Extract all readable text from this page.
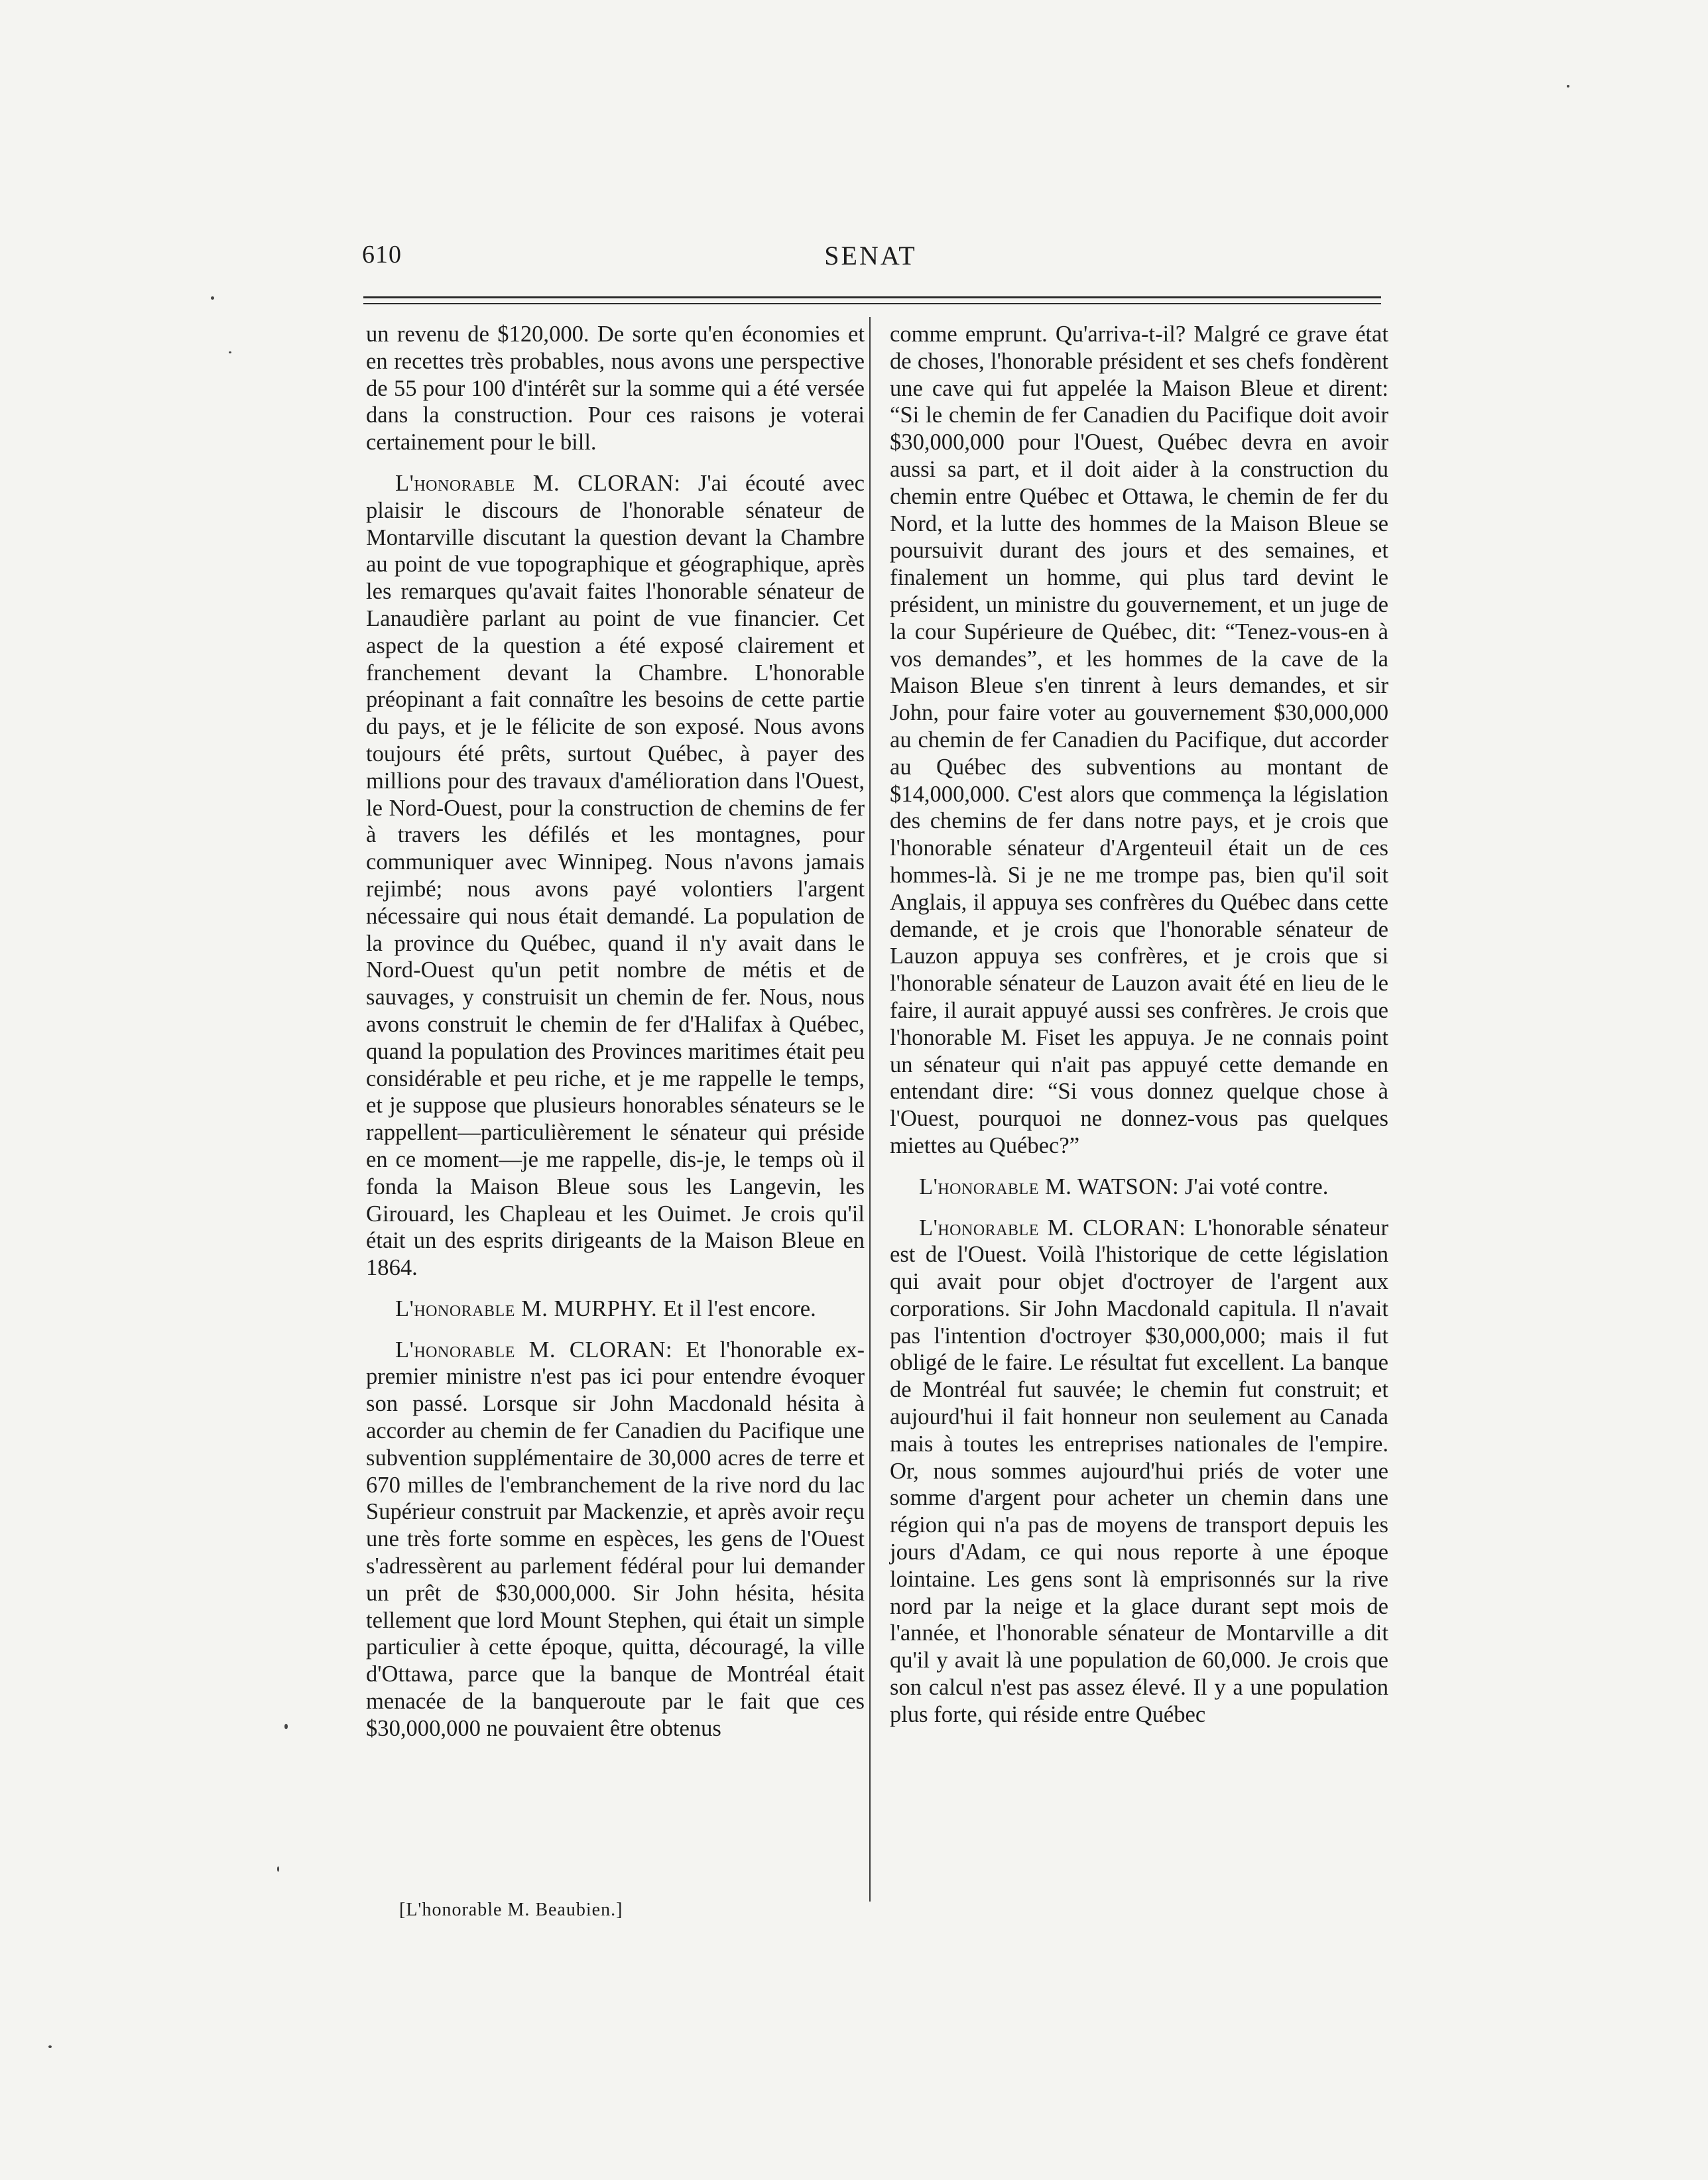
610	SENAT

un revenu de $120,000. De sorte qu'en économies et en recettes très probables, nous avons une perspective de 55 pour 100 d'intérêt sur la somme qui a été versée dans la construction. Pour ces raisons je voterai certainement pour le bill.

L'honorable M. CLORAN: J'ai écouté avec plaisir le discours de l'honorable sénateur de Montarville discutant la question devant la Chambre au point de vue topographique et géographique, après les remarques qu'avait faites l'honorable sénateur de Lanaudière parlant au point de vue financier. Cet aspect de la question a été exposé clairement et franchement devant la Chambre. L'honorable préopinant a fait connaître les besoins de cette partie du pays, et je le félicite de son exposé. Nous avons toujours été prêts, surtout Québec, à payer des millions pour des travaux d'amélioration dans l'Ouest, le Nord-Ouest, pour la construction de chemins de fer à travers les défilés et les montagnes, pour communiquer avec Winnipeg. Nous n'avons jamais rejimbé; nous avons payé volontiers l'argent nécessaire qui nous était demandé. La population de la province du Québec, quand il n'y avait dans le Nord-Ouest qu'un petit nombre de métis et de sauvages, y construisit un chemin de fer. Nous, nous avons construit le chemin de fer d'Halifax à Québec, quand la population des Provinces maritimes était peu considérable et peu riche, et je me rappelle le temps, et je suppose que plusieurs honorables sénateurs se le rappellent—particulièrement le sénateur qui préside en ce moment—je me rappelle, dis-je, le temps où il fonda la Maison Bleue sous les Langevin, les Girouard, les Chapleau et les Ouimet. Je crois qu'il était un des esprits dirigeants de la Maison Bleue en 1864.

L'honorable M. MURPHY. Et il l'est encore.

L'honorable M. CLORAN: Et l'honorable ex-premier ministre n'est pas ici pour entendre évoquer son passé. Lorsque sir John Macdonald hésita à accorder au chemin de fer Canadien du Pacifique une subvention supplémentaire de 30,000 acres de terre et 670 milles de l'embranchement de la rive nord du lac Supérieur construit par Mackenzie, et après avoir reçu une très forte somme en espèces, les gens de l'Ouest s'adressèrent au parlement fédéral pour lui demander un prêt de $30,000,000. Sir John hésita, hésita tellement que lord Mount Stephen, qui était un simple particulier à cette époque, quitta, découragé, la ville d'Ottawa, parce que la banque de Montréal était menacée de la banqueroute par le fait que ces $30,000,000 ne pouvaient être obtenus

comme emprunt. Qu'arriva-t-il? Malgré ce grave état de choses, l'honorable président et ses chefs fondèrent une cave qui fut appelée la Maison Bleue et dirent: “Si le chemin de fer Canadien du Pacifique doit avoir $30,000,000 pour l'Ouest, Québec devra en avoir aussi sa part, et il doit aider à la construction du chemin entre Québec et Ottawa, le chemin de fer du Nord, et la lutte des hommes de la Maison Bleue se poursuivit durant des jours et des semaines, et finalement un homme, qui plus tard devint le président, un ministre du gouvernement, et un juge de la cour Supérieure de Québec, dit: “Tenez-vous-en à vos demandes”, et les hommes de la cave de la Maison Bleue s'en tinrent à leurs demandes, et sir John, pour faire voter au gouvernement $30,000,000 au chemin de fer Canadien du Pacifique, dut accorder au Québec des subventions au montant de $14,000,000. C'est alors que commença la législation des chemins de fer dans notre pays, et je crois que l'honorable sénateur d'Argenteuil était un de ces hommes-là. Si je ne me trompe pas, bien qu'il soit Anglais, il appuya ses confrères du Québec dans cette demande, et je crois que l'honorable sénateur de Lauzon appuya ses confrères, et je crois que si l'honorable sénateur de Lauzon avait été en lieu de le faire, il aurait appuyé aussi ses confrères. Je crois que l'honorable M. Fiset les appuya. Je ne connais point un sénateur qui n'ait pas appuyé cette demande en entendant dire: “Si vous donnez quelque chose à l'Ouest, pourquoi ne donnez-vous pas quelques miettes au Québec?”

L'honorable M. WATSON: J'ai voté contre.

L'honorable M. CLORAN: L'honorable sénateur est de l'Ouest. Voilà l'historique de cette législation qui avait pour objet d'octroyer de l'argent aux corporations. Sir John Macdonald capitula. Il n'avait pas l'intention d'octroyer $30,000,000; mais il fut obligé de le faire. Le résultat fut excellent. La banque de Montréal fut sauvée; le chemin fut construit; et aujourd'hui il fait honneur non seulement au Canada mais à toutes les entreprises nationales de l'empire. Or, nous sommes aujourd'hui priés de voter une somme d'argent pour acheter un chemin dans une région qui n'a pas de moyens de transport depuis les jours d'Adam, ce qui nous reporte à une époque lointaine. Les gens sont là emprisonnés sur la rive nord par la neige et la glace durant sept mois de l'année, et l'honorable sénateur de Montarville a dit qu'il y avait là une population de 60,000. Je crois que son calcul n'est pas assez élevé. Il y a une population plus forte, qui réside entre Québec

[L'honorable M. Beaubien.]
